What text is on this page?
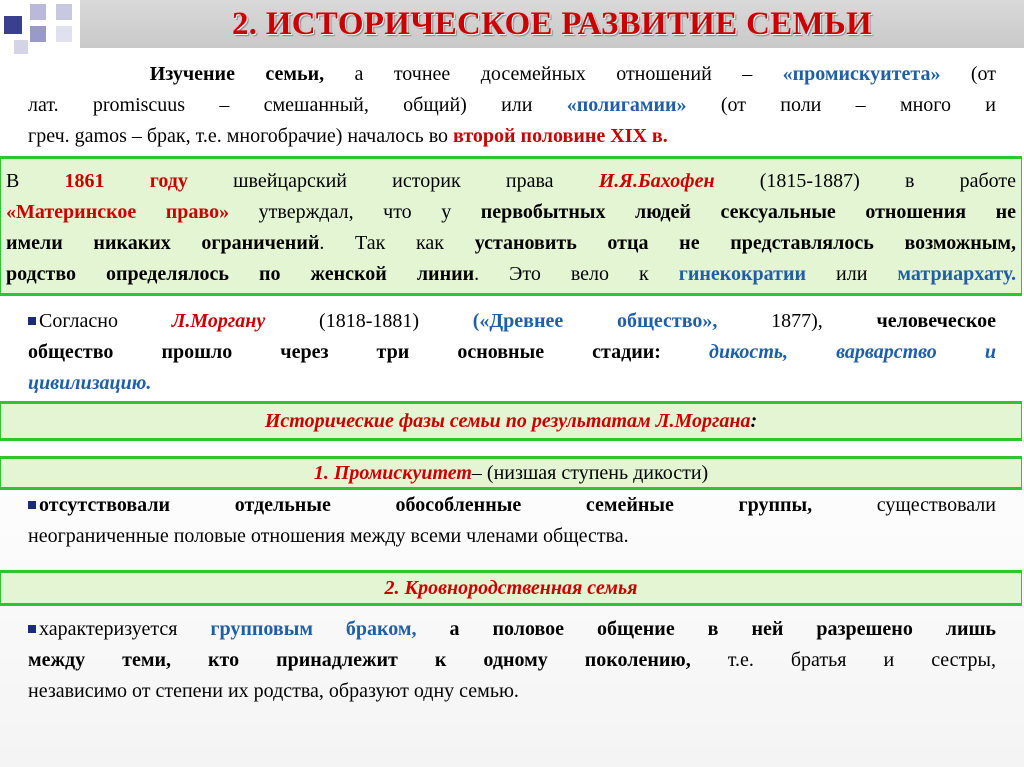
2. ИСТОРИЧЕСКОЕ РАЗВИТИЕ СЕМЬИ
Изучение семьи, а точнее досемейных отношений – «промискуитета» (от
лат. promiscuus – смешанный, общий) или «полигамии» (от поли – много и
греч. gamos – брак, т.е. многобрачие) началось во второй половине XIX в.
В 1861 году швейцарский историк права И.Я.Бахофен (1815-1887) в работе
«Материнское право» утверждал, что у первобытных людей сексуальные отношения не
имели никаких ограничений. Так как установить отца не представлялось возможным,
родство определялось по женской линии. Это вело к гинекократии или матриархату.
Согласно Л.Моргану (1818-1881) («Древнее общество», 1877), человеческое
общество прошло через три основные стадии: дикость, варварство и
цивилизацию.
Исторические фазы семьи по результатам Л.Моргана :
1. Промискуитет – (низшая ступень дикости)
отсутствовали отдельные обособленные семейные группы, существовали
неограниченные половые отношения между всеми членами общества.
2. Кровнородственная семья
характеризуется групповым браком, а половое общение в ней разрешено лишь
между теми, кто принадлежит к одному поколению, т.е. братья и сестры,
независимо от степени их родства, образуют одну семью.
